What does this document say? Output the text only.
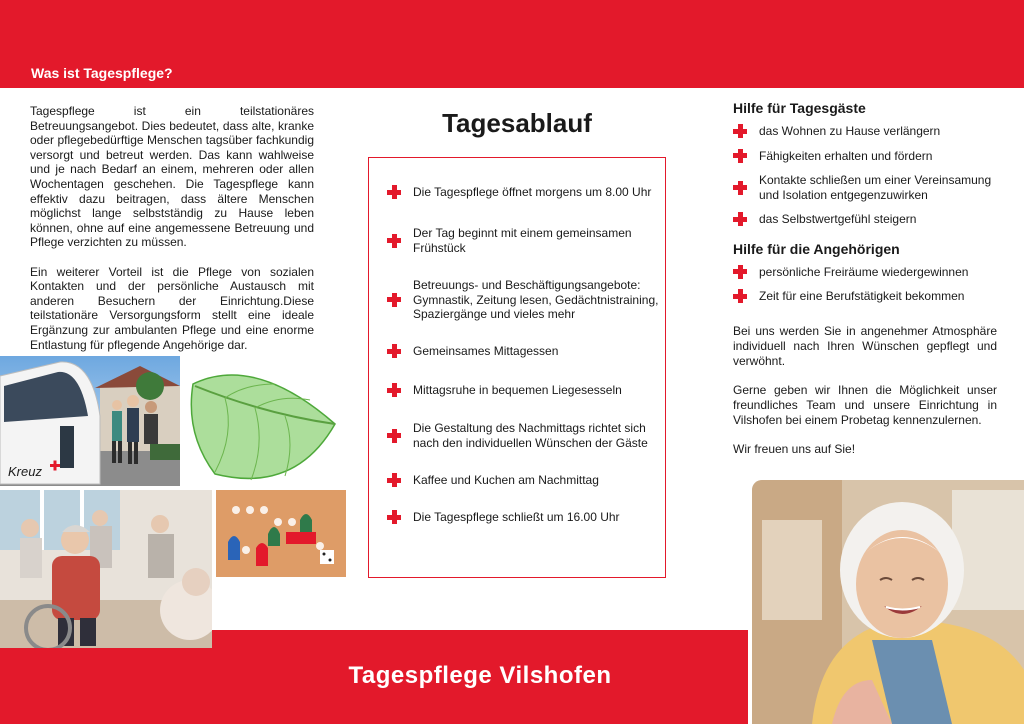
Was ist Tagespflege?

Tagespflege ist ein teilstationäres Betreuungsangebot. Dies bedeutet, dass alte, kranke oder pflegebedürftige Menschen tagsüber fachkundig versorgt und betreut werden. Das kann wahlweise und je nach Bedarf an einem, mehreren oder allen Wochentagen geschehen. Die Tagespflege kann effektiv dazu beitragen, dass ältere Menschen möglichst lange selbstständig zu Hause leben können, ohne auf eine angemessene Betreuung und Pflege verzichten zu müssen.

Ein weiterer Vorteil ist die Pflege von sozialen Kontakten und der persönliche Austausch mit anderen Besuchern der Einrichtung.Diese teilstationäre Versorgungsform stellt eine ideale Ergänzung zur ambulanten Pflege und eine enorme Entlastung für pflegende Angehörige dar.

Kreuz
Tagesablauf
Die Tagespflege öffnet morgens um 8.00 Uhr
Der Tag beginnt mit einem gemeinsamen Frühstück
Betreuungs- und Beschäftigungsangebote: Gymnastik, Zeitung lesen, Gedächtnistraining, Spaziergänge und vieles mehr
Gemeinsames Mittagessen
Mittagsruhe in bequemen Liegesesseln
Die Gestaltung des Nachmittags richtet sich nach den individuellen Wünschen der Gäste
Kaffee und Kuchen am Nachmittag
Die Tagespflege schließt um 16.00 Uhr
Hilfe für Tagesgäste
das Wohnen zu Hause verlängern
Fähigkeiten erhalten und fördern
Kontakte schließen um einer Vereinsamung und Isolation entgegenzuwirken
das Selbstwertgefühl steigern
Hilfe für die Angehörigen
persönliche Freiräume wiedergewinnen
Zeit für eine Berufstätigkeit bekommen

Bei uns werden Sie in angenehmer Atmosphäre individuell nach Ihren Wünschen gepflegt und verwöhnt.

Gerne geben wir Ihnen die Möglichkeit unser freundliches Team und unsere Einrichtung in Vilshofen bei einem Probetag kennenzulernen.

Wir freuen uns auf Sie!

Tagespflege Vilshofen
